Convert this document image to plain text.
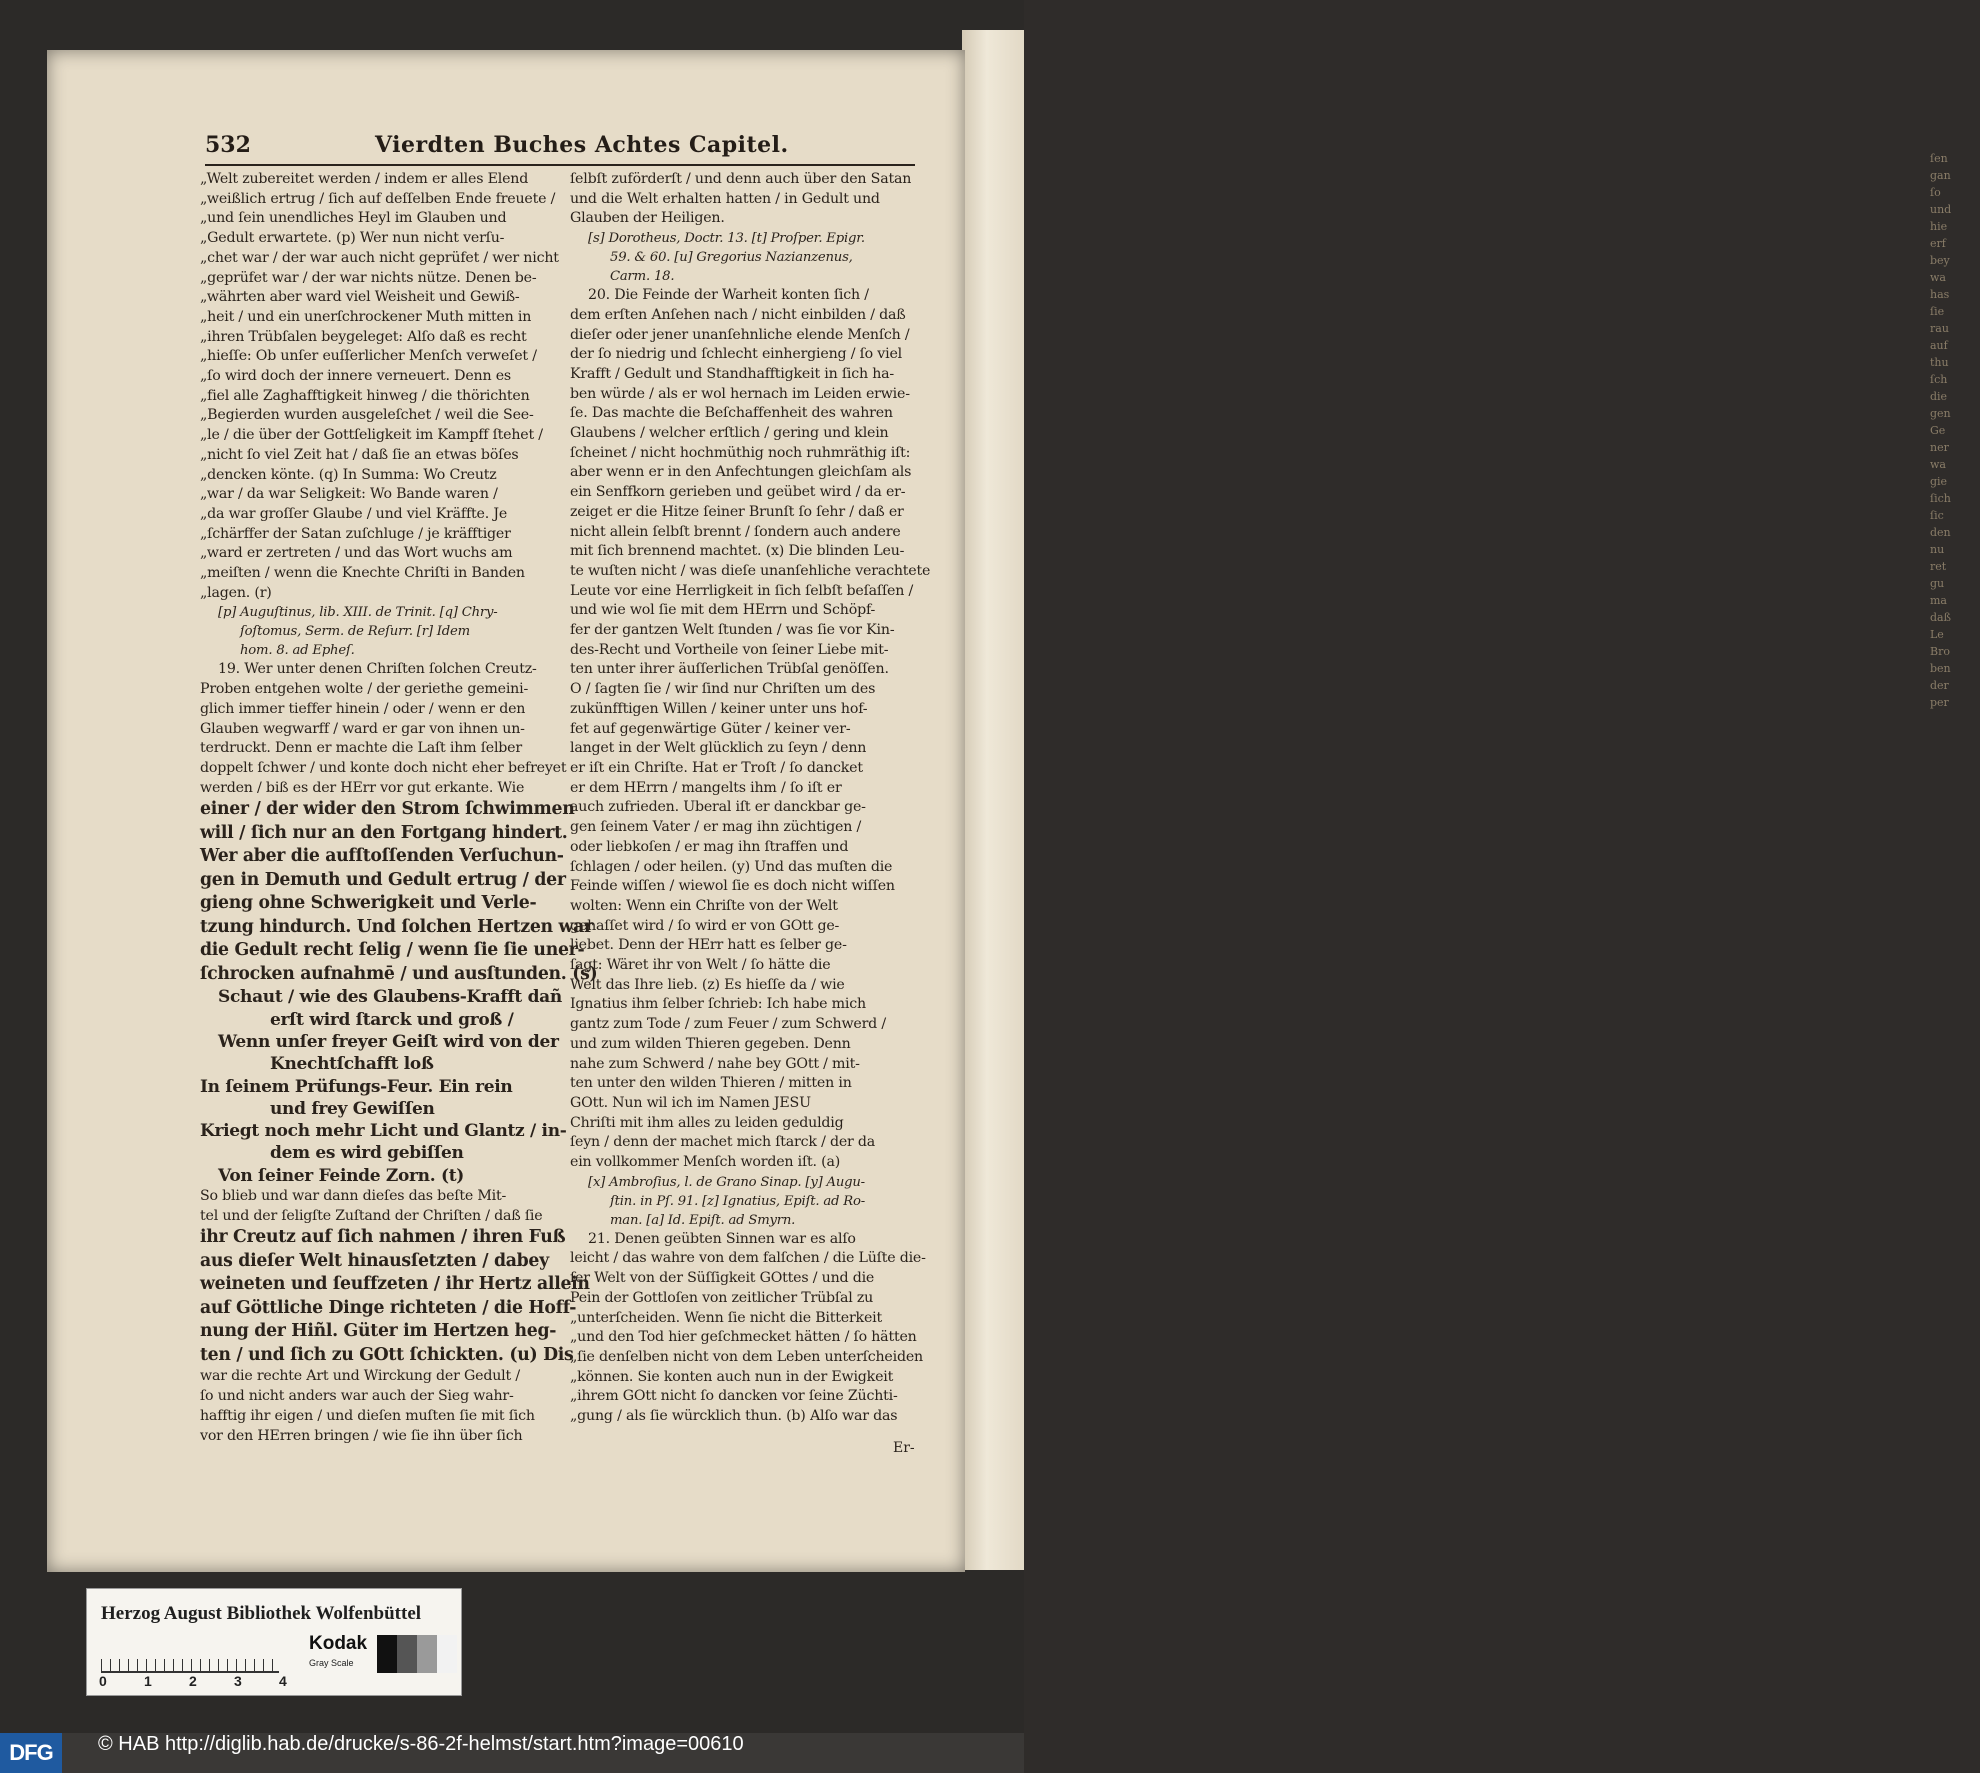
ſen
gan
ſo
und
hie
erf
bey
wa
has
ſie
rau
auf
thu
ſch
die
gen
Ge
ner
wa
gie
ſich
ſic
den
nu
ret
gu
ma
daß
Le
Bro
ben
der
per
532	Vierdten Buches Achtes Capitel.
„Welt zubereitet werden / indem er alles Elend
„weißlich ertrug / ſich auf deſſelben Ende freuete /
„und ſein unendliches Heyl im Glauben und
„Gedult erwartete. (p) Wer nun nicht verſu-
„chet war / der war auch nicht geprüfet / wer nicht
„geprüfet war / der war nichts nütze. Denen be-
„währten aber ward viel Weisheit und Gewiß-
„heit / und ein unerſchrockener Muth mitten in
„ihren Trübſalen beygeleget: Alſo daß es recht
„hieſſe: Ob unſer euſſerlicher Menſch verweſet /
„ſo wird doch der innere verneuert. Denn es
„fiel alle Zaghafftigkeit hinweg / die thörichten
„Begierden wurden ausgeleſchet / weil die See-
„le / die über der Gottſeligkeit im Kampff ſtehet /
„nicht ſo viel Zeit hat / daß ſie an etwas böſes
„dencken könte. (q) In Summa: Wo Creutz
„war / da war Seligkeit: Wo Bande waren /
„da war groſſer Glaube / und viel Kräffte. Je
„ſchärffer der Satan zuſchluge / je kräfftiger
„ward er zertreten / und das Wort wuchs am
„meiſten / wenn die Knechte Chriſti in Banden
„lagen. (r)
[p] Auguſtinus, lib. XIII. de Trinit. [q] Chry-
ſoſtomus, Serm. de Reſurr. [r] Idem
hom. 8. ad Epheſ.
19. Wer unter denen Chriſten ſolchen Creutz-
Proben entgehen wolte / der geriethe gemeini-
glich immer tieffer hinein / oder / wenn er den
Glauben wegwarff / ward er gar von ihnen un-
terdruckt. Denn er machte die Laſt ihm ſelber
doppelt ſchwer / und konte doch nicht eher befreyet
werden / biß es der HErr vor gut erkante. Wie
einer / der wider den Strom ſchwimmen
will / ſich nur an den Fortgang hindert.
Wer aber die aufſtoſſenden Verſuchun-
gen in Demuth und Gedult ertrug / der
gieng ohne Schwerigkeit und Verle-
tzung hindurch. Und ſolchen Hertzen war
die Gedult recht ſelig / wenn ſie ſie uner-
ſchrocken aufnahmē / und ausſtunden. (s)
Schaut / wie des Glaubens-Krafft dañ
erſt wird ſtarck und groß /
Wenn unſer freyer Geiſt wird von der
Knechtſchafft loß
In ſeinem Prüfungs-Feur. Ein rein
und frey Gewiſſen
Kriegt noch mehr Licht und Glantz / in-
dem es wird gebiſſen
Von ſeiner Feinde Zorn. (t)
So blieb und war dann dieſes das beſte Mit-
tel und der ſeligſte Zuſtand der Chriſten / daß ſie
ihr Creutz auf ſich nahmen / ihren Fuß
aus dieſer Welt hinausſetzten / dabey
weineten und ſeuffzeten / ihr Hertz allein
auf Göttliche Dinge richteten / die Hoff-
nung der Hiñl. Güter im Hertzen heg-
ten / und ſich zu GOtt ſchickten. (u) Dis
war die rechte Art und Wirckung der Gedult /
ſo und nicht anders war auch der Sieg wahr-
hafftig ihr eigen / und dieſen muſten ſie mit ſich
vor den HErren bringen / wie ſie ihn über ſich
ſelbſt zuförderſt / und denn auch über den Satan
und die Welt erhalten hatten / in Gedult und
Glauben der Heiligen.
[s] Dorotheus, Doctr. 13. [t] Proſper. Epigr.
59. & 60. [u] Gregorius Nazianzenus,
Carm. 18.
20. Die Feinde der Warheit konten ſich /
dem erſten Anſehen nach / nicht einbilden / daß
dieſer oder jener unanſehnliche elende Menſch /
der ſo niedrig und ſchlecht einhergieng / ſo viel
Krafft / Gedult und Standhafftigkeit in ſich ha-
ben würde / als er wol hernach im Leiden erwie-
ſe. Das machte die Beſchaffenheit des wahren
Glaubens / welcher erſtlich / gering und klein
ſcheinet / nicht hochmüthig noch ruhmräthig iſt:
aber wenn er in den Anfechtungen gleichſam als
ein Senffkorn gerieben und geübet wird / da er-
zeiget er die Hitze ſeiner Brunſt ſo ſehr / daß er
nicht allein ſelbſt brennt / ſondern auch andere
mit ſich brennend machtet. (x) Die blinden Leu-
te wuſten nicht / was dieſe unanſehliche verachtete
Leute vor eine Herrligkeit in ſich ſelbſt beſaſſen /
und wie wol ſie mit dem HErrn und Schöpf-
fer der gantzen Welt ſtunden / was ſie vor Kin-
des-Recht und Vortheile von ſeiner Liebe mit-
ten unter ihrer äuſſerlichen Trübſal genöſſen.
O / ſagten ſie / wir ſind nur Chriſten um des
zukünfftigen Willen / keiner unter uns hof-
fet auf gegenwärtige Güter / keiner ver-
langet in der Welt glücklich zu ſeyn / denn
er iſt ein Chriſte. Hat er Troſt / ſo dancket
er dem HErrn / mangelts ihm / ſo iſt er
auch zufrieden. Uberal iſt er danckbar ge-
gen ſeinem Vater / er mag ihn züchtigen /
oder liebkoſen / er mag ihn ſtraffen und
ſchlagen / oder heilen. (y) Und das muſten die
Feinde wiſſen / wiewol ſie es doch nicht wiſſen
wolten: Wenn ein Chriſte von der Welt
gehaſſet wird / ſo wird er von GOtt ge-
liebet. Denn der HErr hatt es ſelber ge-
ſagt: Wäret ihr von Welt / ſo hätte die
Welt das Ihre lieb. (z) Es hieſſe da / wie
Ignatius ihm ſelber ſchrieb: Ich habe mich
gantz zum Tode / zum Feuer / zum Schwerd /
und zum wilden Thieren gegeben. Denn
nahe zum Schwerd / nahe bey GOtt / mit-
ten unter den wilden Thieren / mitten in
GOtt. Nun wil ich im Namen JESU
Chriſti mit ihm alles zu leiden geduldig
ſeyn / denn der machet mich ſtarck / der da
ein vollkommer Menſch worden iſt. (a)
[x] Ambroſius, l. de Grano Sinap. [y] Augu-
ſtin. in Pſ. 91. [z] Ignatius, Epiſt. ad Ro-
man. [a] Id. Epiſt. ad Smyrn.
21. Denen geübten Sinnen war es alſo
leicht / das wahre von dem falſchen / die Lüſte die-
ſer Welt von der Süſſigkeit GOttes / und die
Pein der Gottloſen von zeitlicher Trübſal zu
„unterſcheiden. Wenn ſie nicht die Bitterkeit
„und den Tod hier geſchmecket hätten / ſo hätten
„ſie denſelben nicht von dem Leben unterſcheiden
„können. Sie konten auch nun in der Ewigkeit
„ihrem GOtt nicht ſo dancken vor ſeine Züchti-
„gung / als ſie würcklich thun. (b) Alſo war das
Er-
Herzog August Bibliothek Wolfenbüttel
0	1	2	3	4
Kodak
Gray Scale
DFG	© HAB http://diglib.hab.de/drucke/s-86-2f-helmst/start.htm?image=00610
